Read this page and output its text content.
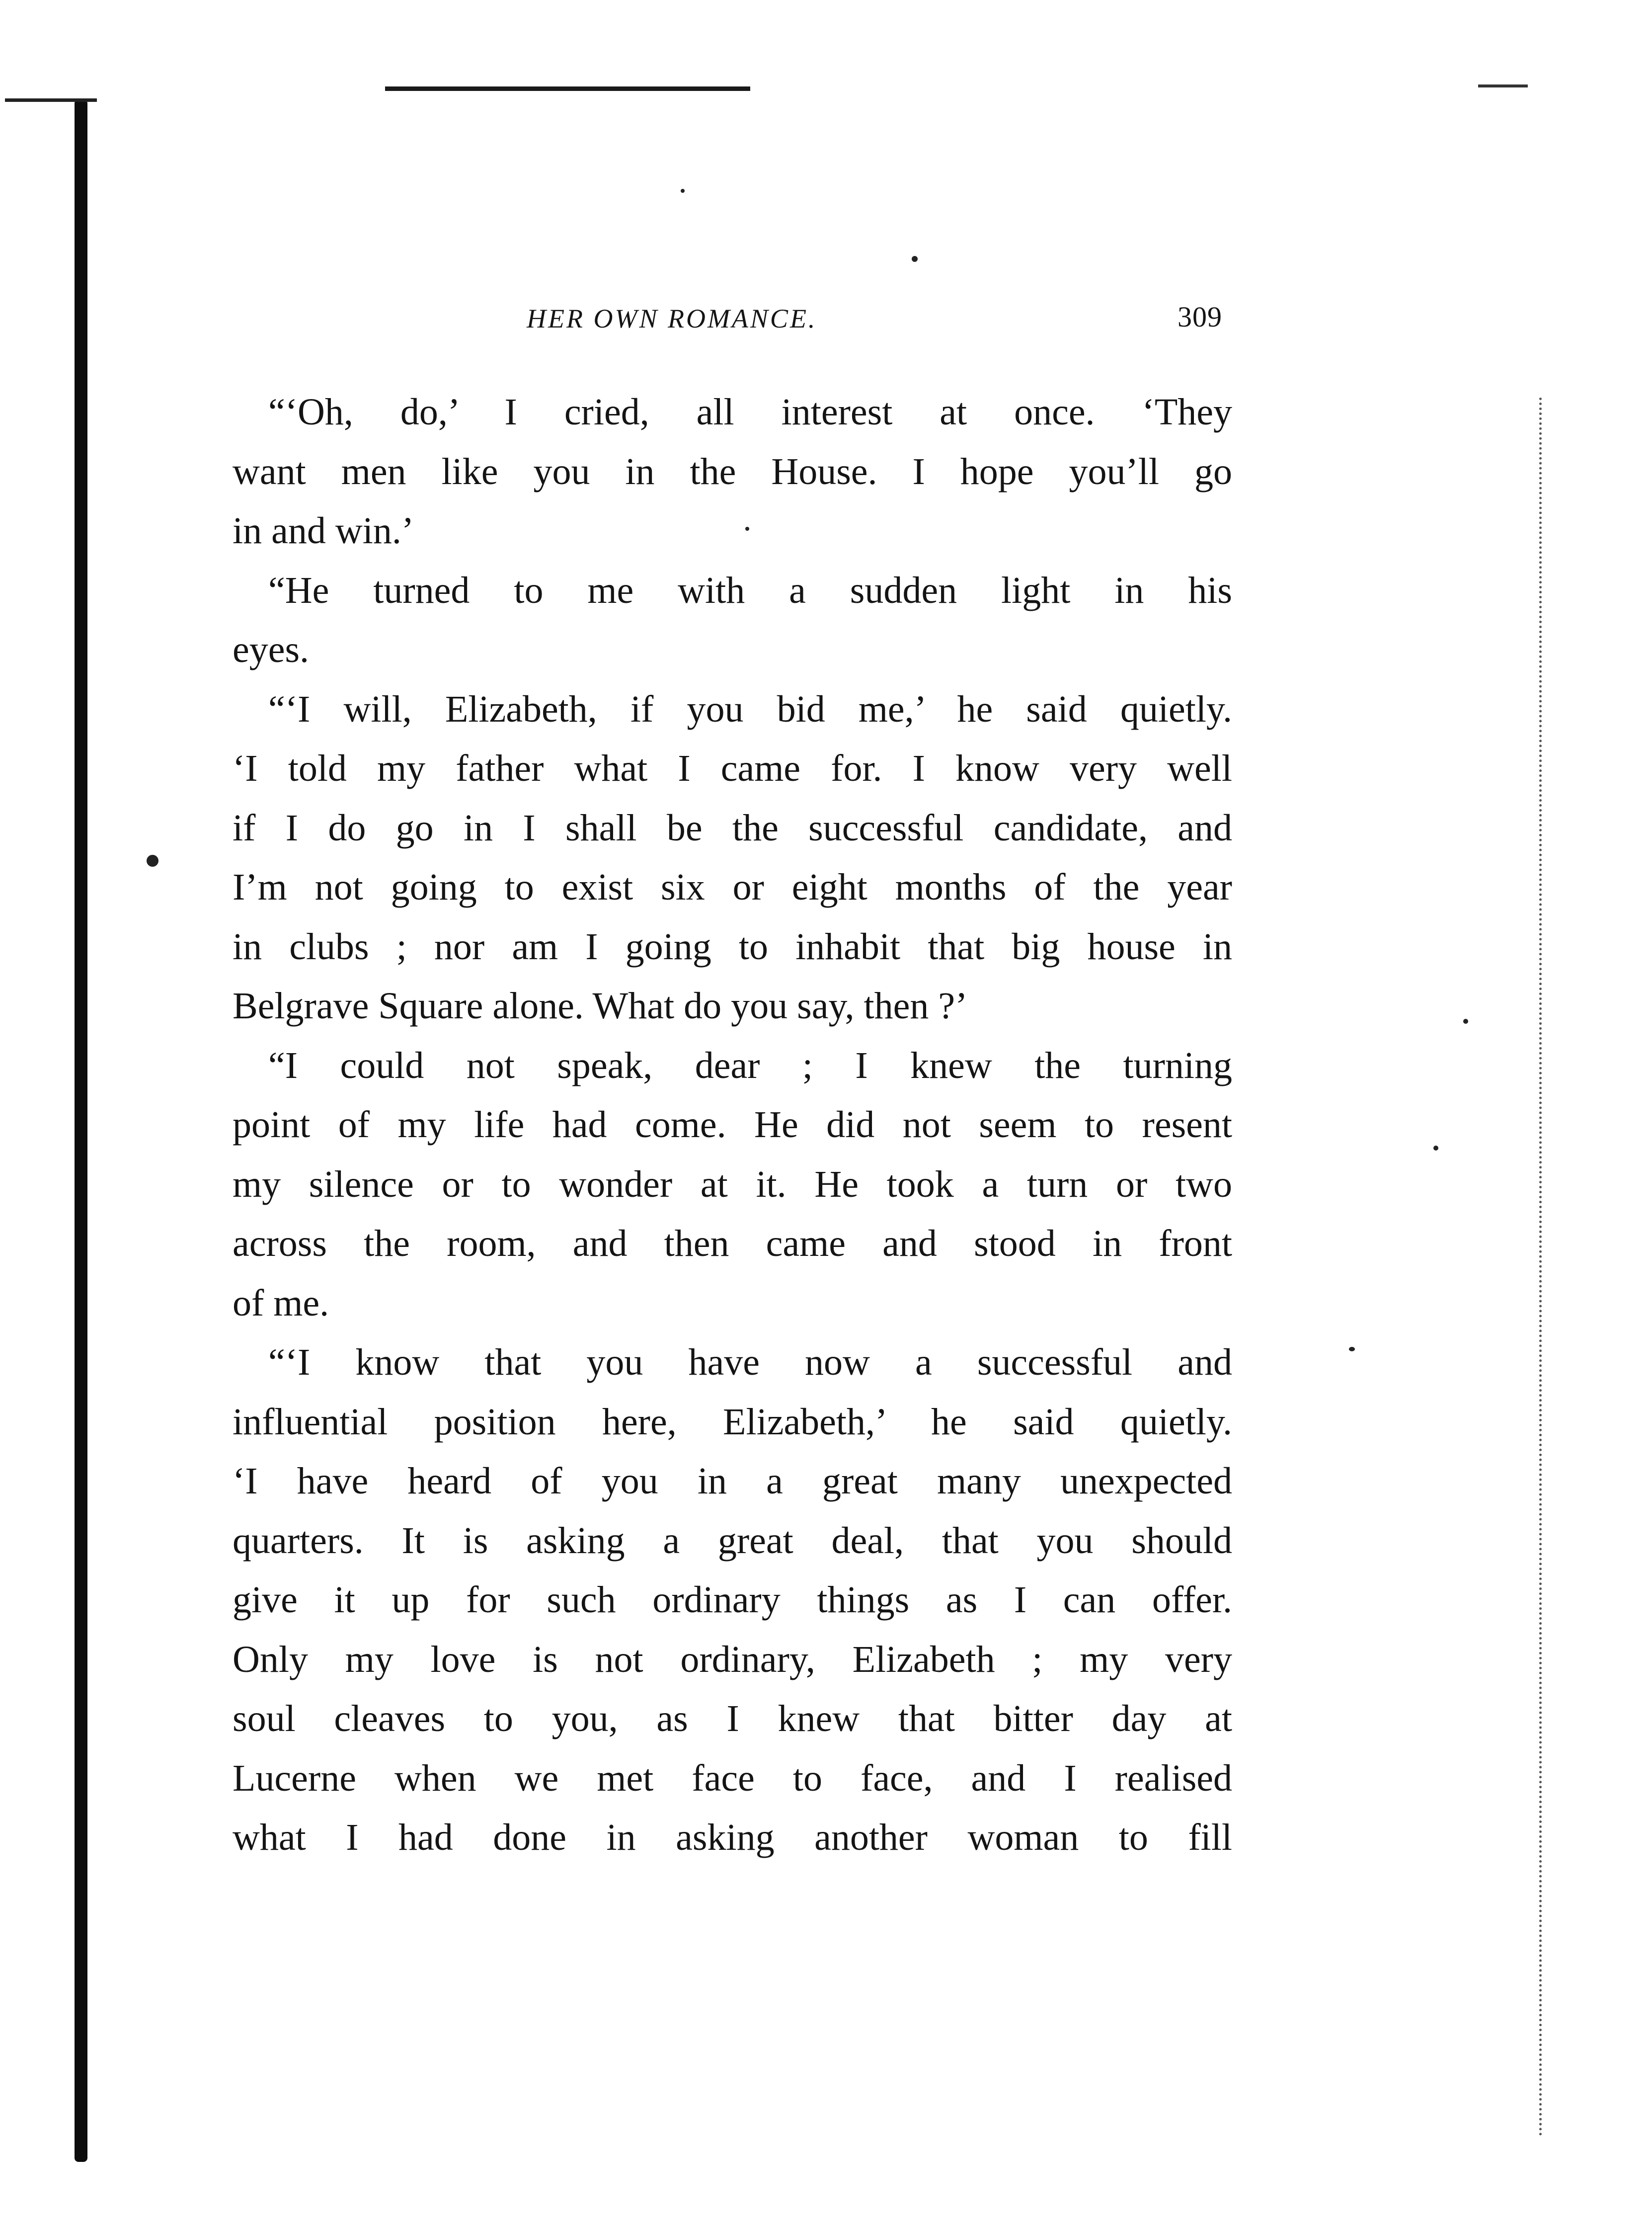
HER OWN ROMANCE.	309
“‘Oh, do,’ I cried, all interest at once. ‘They
want men like you in the House. I hope you’ll go
in and win.’
“He turned to me with a sudden light in his
eyes.
“‘I will, Elizabeth, if you bid me,’ he said quietly.
‘I told my father what I came for. I know very well
if I do go in I shall be the successful candidate, and
I’m not going to exist six or eight months of the year
in clubs ; nor am I going to inhabit that big house in
Belgrave Square alone. What do you say, then ?’
“I could not speak, dear ; I knew the turning
point of my life had come. He did not seem to resent
my silence or to wonder at it. He took a turn or two
across the room, and then came and stood in front
of me.
“‘I know that you have now a successful and
influential position here, Elizabeth,’ he said quietly.
‘I have heard of you in a great many unexpected
quarters. It is asking a great deal, that you should
give it up for such ordinary things as I can offer.
Only my love is not ordinary, Elizabeth ; my very
soul cleaves to you, as I knew that bitter day at
Lucerne when we met face to face, and I realised
what I had done in asking another woman to fill
